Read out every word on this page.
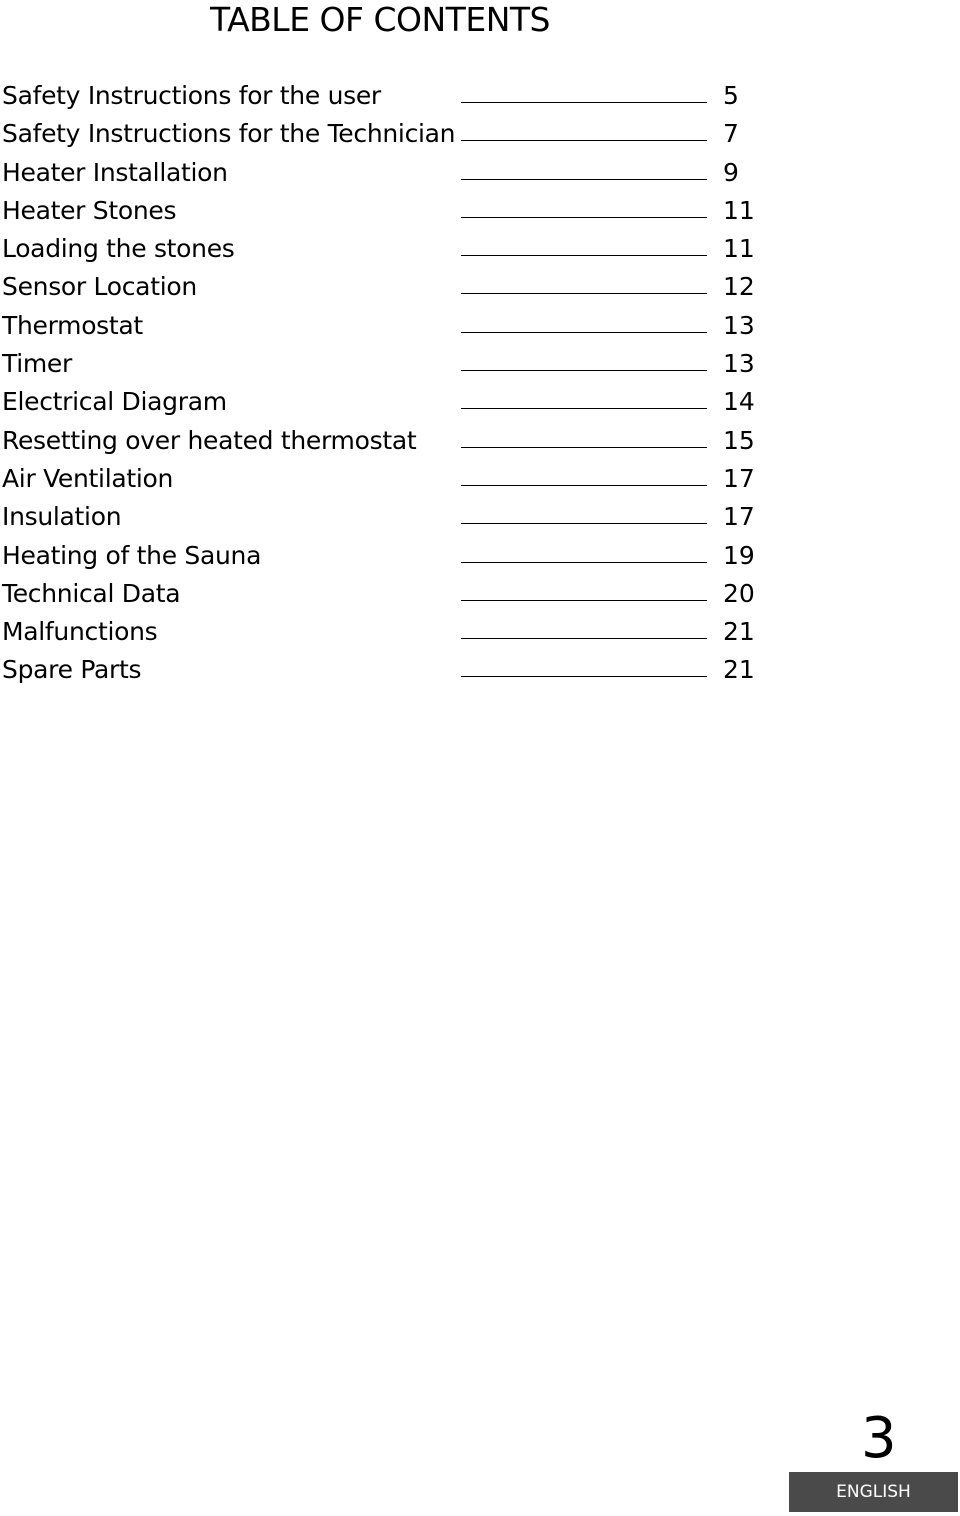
TABLE OF CONTENTS
Safety Instructions for the user	5
Safety Instructions for the Technician	7
Heater Installation	9
Heater Stones	11
Loading the stones	11
Sensor Location	12
Thermostat	13
Timer	13
Electrical Diagram	14
Resetting over heated thermostat	15
Air Ventilation	17
Insulation	17
Heating of the Sauna	19
Technical Data	20
Malfunctions	21
Spare Parts	21
3
ENGLISH
